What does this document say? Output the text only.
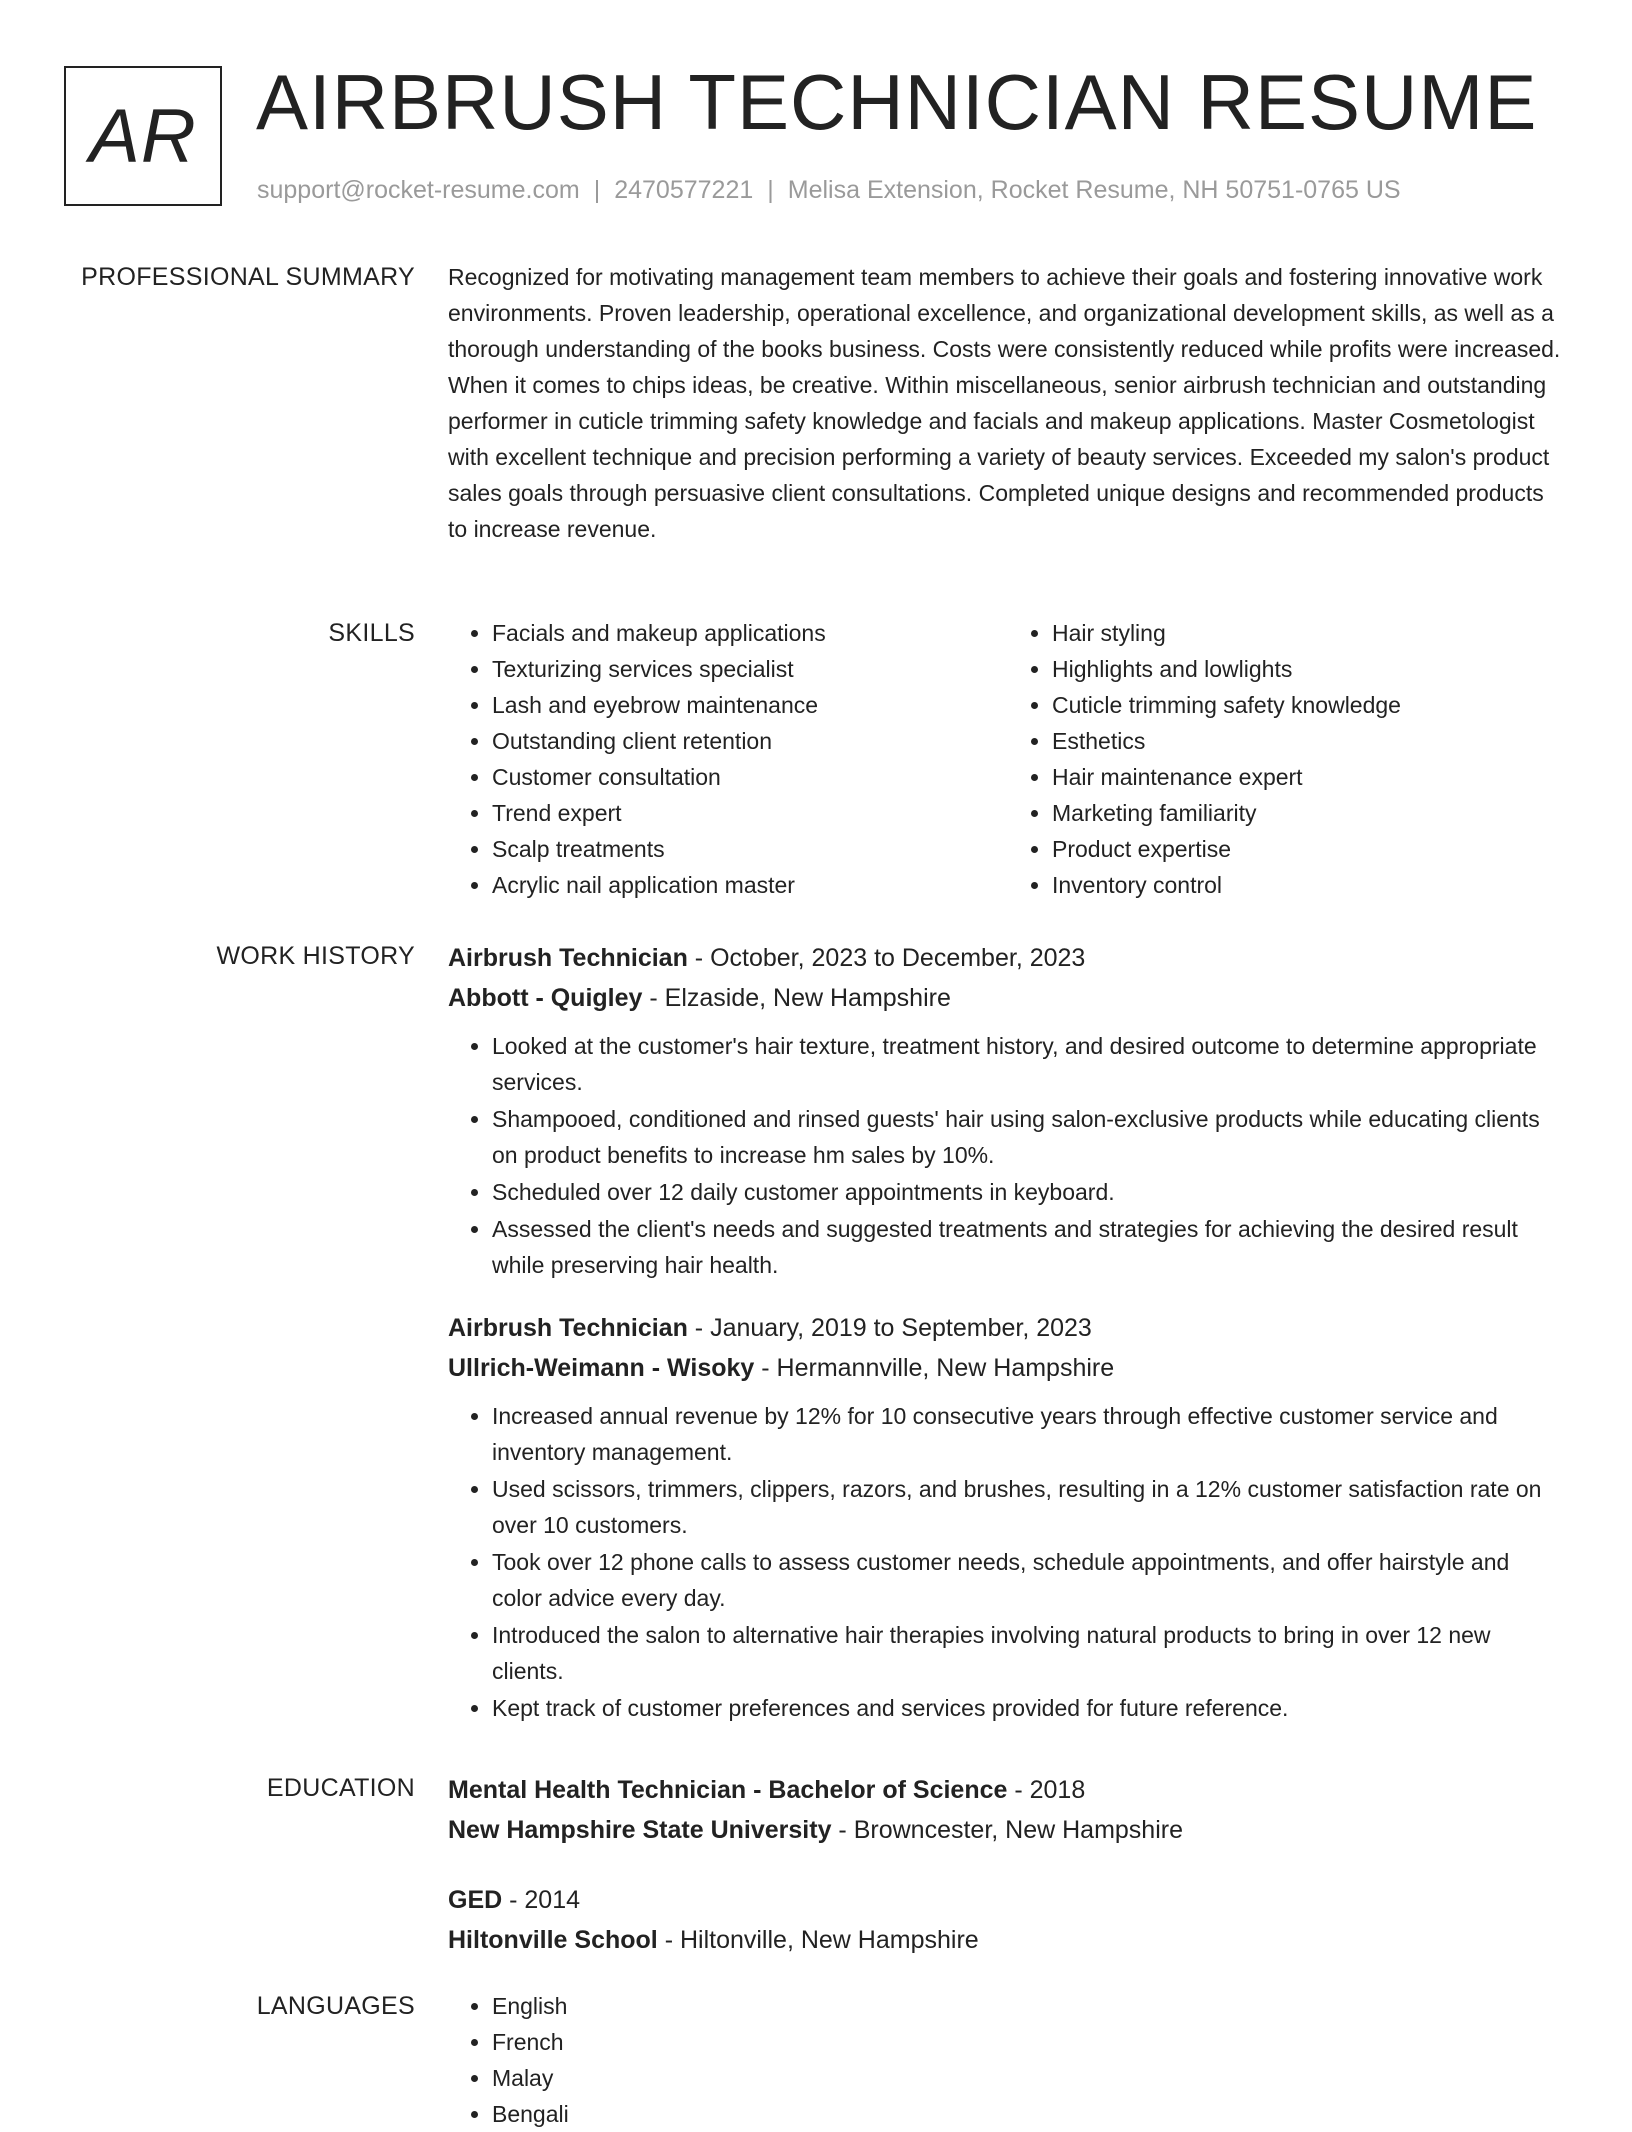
AR AIRBRUSH TECHNICIAN RESUME
support@rocket-resume.com | 2470577221 | Melisa Extension, Rocket Resume, NH 50751-0765 US
PROFESSIONAL SUMMARY Recognized for motivating management team members to achieve their goals and fostering innovative work environments. Proven leadership, operational excellence, and organizational development skills, as well as a thorough understanding of the books business. Costs were consistently reduced while profits were increased. When it comes to chips ideas, be creative. Within miscellaneous, senior airbrush technician and outstanding performer in cuticle trimming safety knowledge and facials and makeup applications. Master Cosmetologist with excellent technique and precision performing a variety of beauty services. Exceeded my salon's product sales goals through persuasive client consultations. Completed unique designs and recommended products to increase revenue.

SKILLS	• Facials and makeup applications
• Texturizing services specialist
• Lash and eyebrow maintenance
• Outstanding client retention
• Customer consultation
• Trend expert
• Scalp treatments
• Acrylic nail application master
• Hair styling
• Highlights and lowlights
• Cuticle trimming safety knowledge
• Esthetics
• Hair maintenance expert
• Marketing familiarity
• Product expertise
• Inventory control
WORK HISTORY Airbrush Technician - October, 2023 to December, 2023
Abbott - Quigley - Elzaside, New Hampshire
• Looked at the customer's hair texture, treatment history, and desired outcome to determine appropriate services.
• Shampooed, conditioned and rinsed guests' hair using salon-exclusive products while educating clients on product benefits to increase hm sales by 10%.
• Scheduled over 12 daily customer appointments in keyboard.
• Assessed the client's needs and suggested treatments and strategies for achieving the desired result while preserving hair health.
Airbrush Technician - January, 2019 to September, 2023
Ullrich-Weimann - Wisoky - Hermannville, New Hampshire
• Increased annual revenue by 12% for 10 consecutive years through effective customer service and inventory management.
• Used scissors, trimmers, clippers, razors, and brushes, resulting in a 12% customer satisfaction rate on over 10 customers.
• Took over 12 phone calls to assess customer needs, schedule appointments, and offer hairstyle and color advice every day.
• Introduced the salon to alternative hair therapies involving natural products to bring in over 12 new clients.
• Kept track of customer preferences and services provided for future reference.
EDUCATION Mental Health Technician - Bachelor of Science - 2018
New Hampshire State University - Browncester, New Hampshire
GED - 2014
Hiltonville School - Hiltonville, New Hampshire
LANGUAGES	• English
• French
• Malay
• Bengali
